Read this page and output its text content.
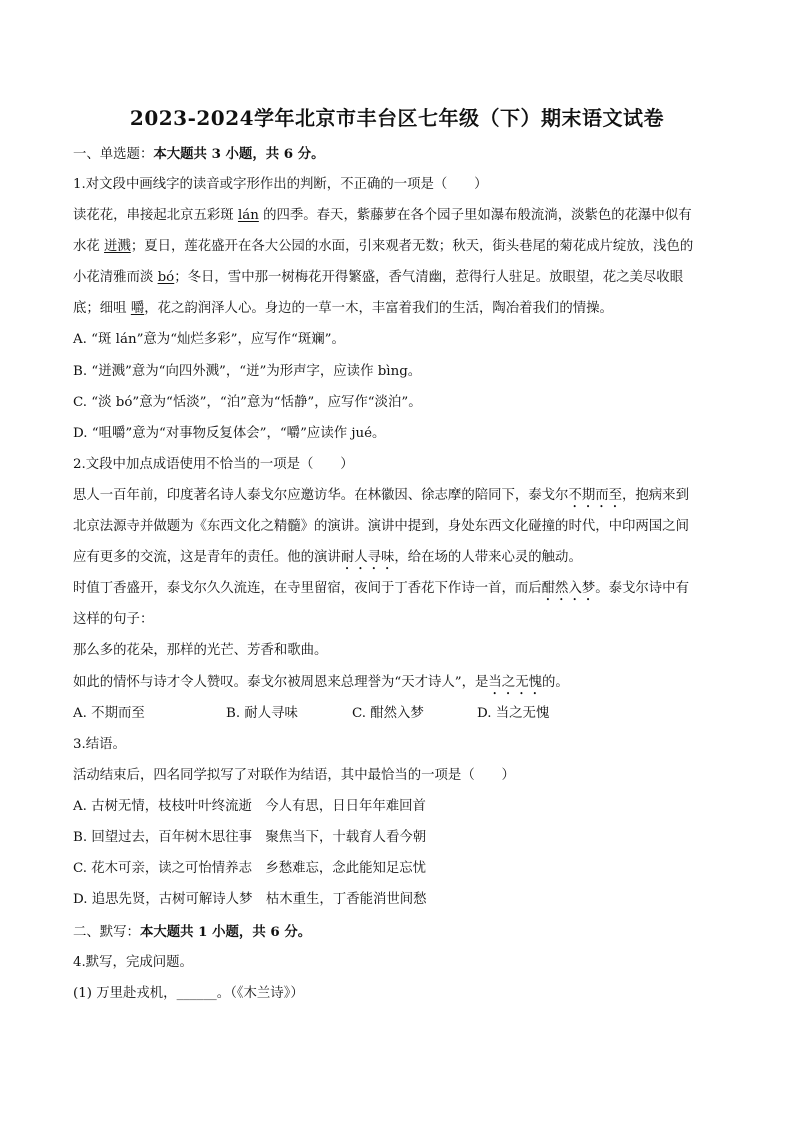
2023-2024学年北京市丰台区七年级（下）期末语文试卷
一、单选题：本大题共 3 小题，共 6 分。
1.对文段中画线字的读音或字形作出的判断，不正确的一项是（　　）
读花花，串接起北京五彩斑 lán 的四季。春天，紫藤萝在各个园子里如瀑布般流淌，淡紫色的花瀑中似有
水花 迸溅；夏日，莲花盛开在各大公园的水面，引来观者无数；秋天，街头巷尾的菊花成片绽放，浅色的
小花清雅而淡 bó；冬日，雪中那一树梅花开得繁盛，香气清幽，惹得行人驻足。放眼望，花之美尽收眼
底；细咀 嚼，花之韵润泽人心。身边的一草一木，丰富着我们的生活，陶冶着我们的情操。
A. “斑 lán”意为“灿烂多彩”，应写作“斑斓”。
B. “迸溅”意为“向四外溅”，“迸”为形声字，应读作 bìng。
C. “淡 bó”意为“恬淡”，“泊”意为“恬静”，应写作“淡泊”。
D. “咀嚼”意为“对事物反复体会”，“嚼”应读作 jué。
2.文段中加点成语使用不恰当的一项是（　　）
思人一百年前，印度著名诗人泰戈尔应邀访华。在林徽因、徐志摩的陪同下，泰戈尔不期而至，抱病来到
北京法源寺并做题为《东西文化之精髓》的演讲。演讲中提到，身处东西文化碰撞的时代，中印两国之间
应有更多的交流，这是青年的责任。他的演讲耐人寻味，给在场的人带来心灵的触动。
时值丁香盛开，泰戈尔久久流连，在寺里留宿，夜间于丁香花下作诗一首，而后酣然入梦。泰戈尔诗中有
这样的句子：
那么多的花朵，那样的光芒、芳香和歌曲。
如此的情怀与诗才令人赞叹。泰戈尔被周恩来总理誉为“天才诗人”，是当之无愧的。
A. 不期而至	B. 耐人寻味	C. 酣然入梦	D. 当之无愧
3.结语。
活动结束后，四名同学拟写了对联作为结语，其中最恰当的一项是（　　）
A. 古树无情，枝枝叶叶终流逝　今人有思，日日年年难回首
B. 回望过去，百年树木思往事　聚焦当下，十载育人看今朝
C. 花木可亲，读之可怡情养志　乡愁难忘，念此能知足忘忧
D. 追思先贤，古树可解诗人梦　枯木重生，丁香能消世间愁
二、默写：本大题共 1 小题，共 6 分。
4.默写，完成问题。
(1) 万里赴戎机，______。（《木兰诗》）
